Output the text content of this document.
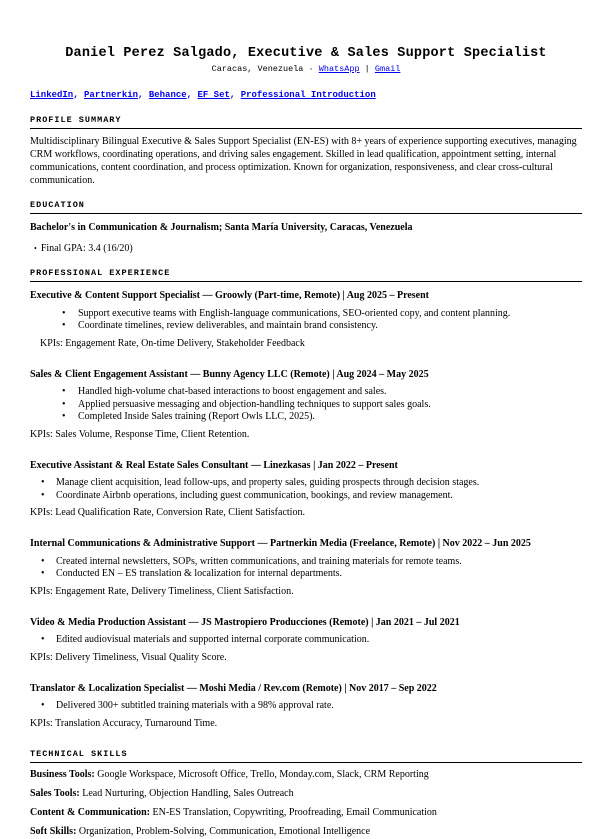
Daniel Perez Salgado, Executive & Sales Support Specialist
Caracas, Venezuela · WhatsApp | Gmail
LinkedIn, Partnerkin, Behance, EF Set, Professional Introduction
PROFILE SUMMARY
Multidisciplinary Bilingual Executive & Sales Support Specialist (EN-ES) with 8+ years of experience supporting executives, managing CRM workflows, coordinating operations, and driving sales engagement. Skilled in lead qualification, appointment setting, internal communications, content coordination, and process optimization. Known for organization, responsiveness, and clear cross-cultural communication.
EDUCATION
Bachelor's in Communication & Journalism; Santa María University, Caracas, Venezuela
• Final GPA: 3.4 (16/20)
PROFESSIONAL EXPERIENCE
Executive & Content Support Specialist — Groowly (Part-time, Remote) | Aug 2025 – Present
• Support executive teams with English-language communications, SEO-oriented copy, and content planning.
• Coordinate timelines, review deliverables, and maintain brand consistency.
KPIs: Engagement Rate, On-time Delivery, Stakeholder Feedback
Sales & Client Engagement Assistant — Bunny Agency LLC (Remote) | Aug 2024 – May 2025
• Handled high-volume chat-based interactions to boost engagement and sales.
• Applied persuasive messaging and objection-handling techniques to support sales goals.
• Completed Inside Sales training (Report Owls LLC, 2025).
KPIs: Sales Volume, Response Time, Client Retention.
Executive Assistant & Real Estate Sales Consultant — Linezkasas | Jan 2022 – Present
• Manage client acquisition, lead follow-ups, and property sales, guiding prospects through decision stages.
• Coordinate Airbnb operations, including guest communication, bookings, and review management.
KPIs: Lead Qualification Rate, Conversion Rate, Client Satisfaction.
Internal Communications & Administrative Support — Partnerkin Media (Freelance, Remote) | Nov 2022 – Jun 2025
• Created internal newsletters, SOPs, written communications, and training materials for remote teams.
• Conducted EN – ES translation & localization for internal departments.
KPIs: Engagement Rate, Delivery Timeliness, Client Satisfaction.
Video & Media Production Assistant — JS Mastropiero Producciones (Remote) | Jan 2021 – Jul 2021
• Edited audiovisual materials and supported internal corporate communication.
KPIs: Delivery Timeliness, Visual Quality Score.
Translator & Localization Specialist — Moshi Media / Rev.com (Remote) | Nov 2017 – Sep 2022
• Delivered 300+ subtitled training materials with a 98% approval rate.
KPIs: Translation Accuracy, Turnaround Time.
TECHNICAL SKILLS
Business Tools: Google Workspace, Microsoft Office, Trello, Monday.com, Slack, CRM Reporting
Sales Tools: Lead Nurturing, Objection Handling, Sales Outreach
Content & Communication: EN-ES Translation, Copywriting, Proofreading, Email Communication
Soft Skills: Organization, Problem-Solving, Communication, Emotional Intelligence
